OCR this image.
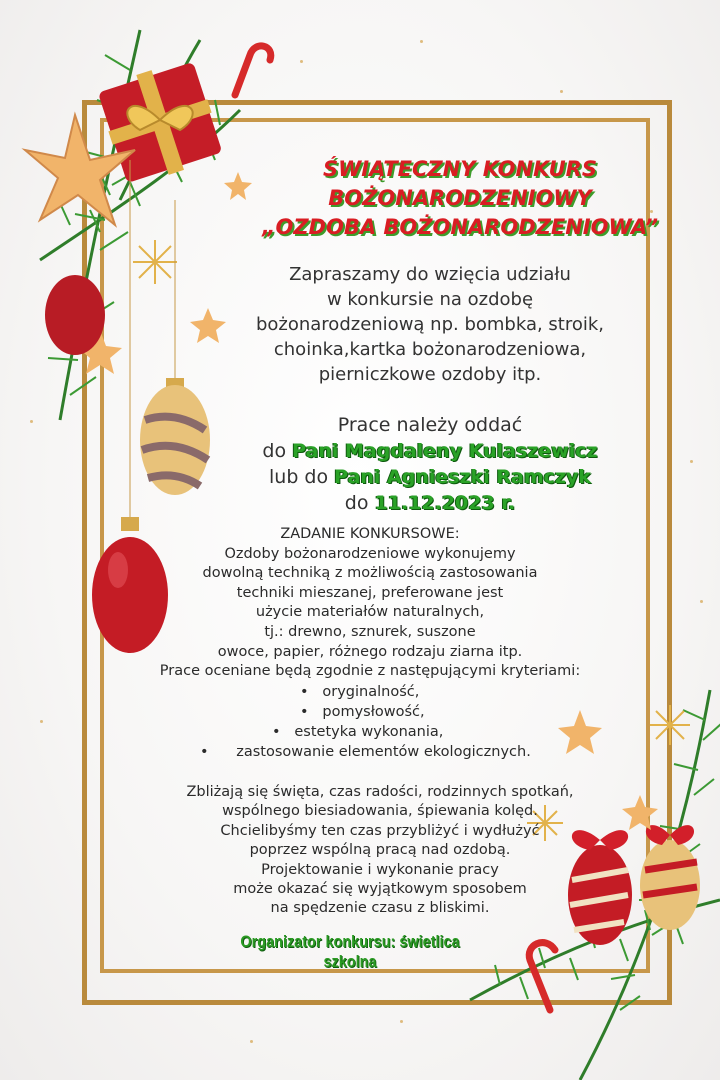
ŚWIĄTECZNY KONKURS
BOŻONARODZENIOWY
„OZDOBA BOŻONARODZENIOWA”
Zapraszamy do wzięcia udziału
w konkursie na ozdobę
bożonarodzeniową np. bombka, stroik,
choinka,kartka bożonarodzeniowa,
pierniczkowe ozdoby itp.
Prace należy oddać
do Pani Magdaleny Kulaszewicz
lub do Pani Agnieszki Ramczyk
do 11.12.2023 r.
ZADANIE KONKURSOWE:
Ozdoby bożonarodzeniowe wykonujemy
dowolną techniką z możliwością zastosowania
techniki mieszanej, preferowane jest
użycie materiałów naturalnych,
tj.: drewno, sznurek, suszone
owoce, papier, różnego rodzaju ziarna itp.
Prace oceniane będą zgodnie z następującymi kryteriami:
•   oryginalność,
•   pomysłowość,
•   estetyka wykonania,
•      zastosowanie elementów ekologicznych.
Zbliżają się święta, czas radości, rodzinnych spotkań,
wspólnego biesiadowania, śpiewania kolęd.
Chcielibyśmy ten czas przybliżyć i wydłużyć
poprzez wspólną pracą nad ozdobą.
Projektowanie i wykonanie pracy
może okazać się wyjątkowym sposobem
na spędzenie czasu z bliskimi.
Organizator konkursu: świetlica szkolna
